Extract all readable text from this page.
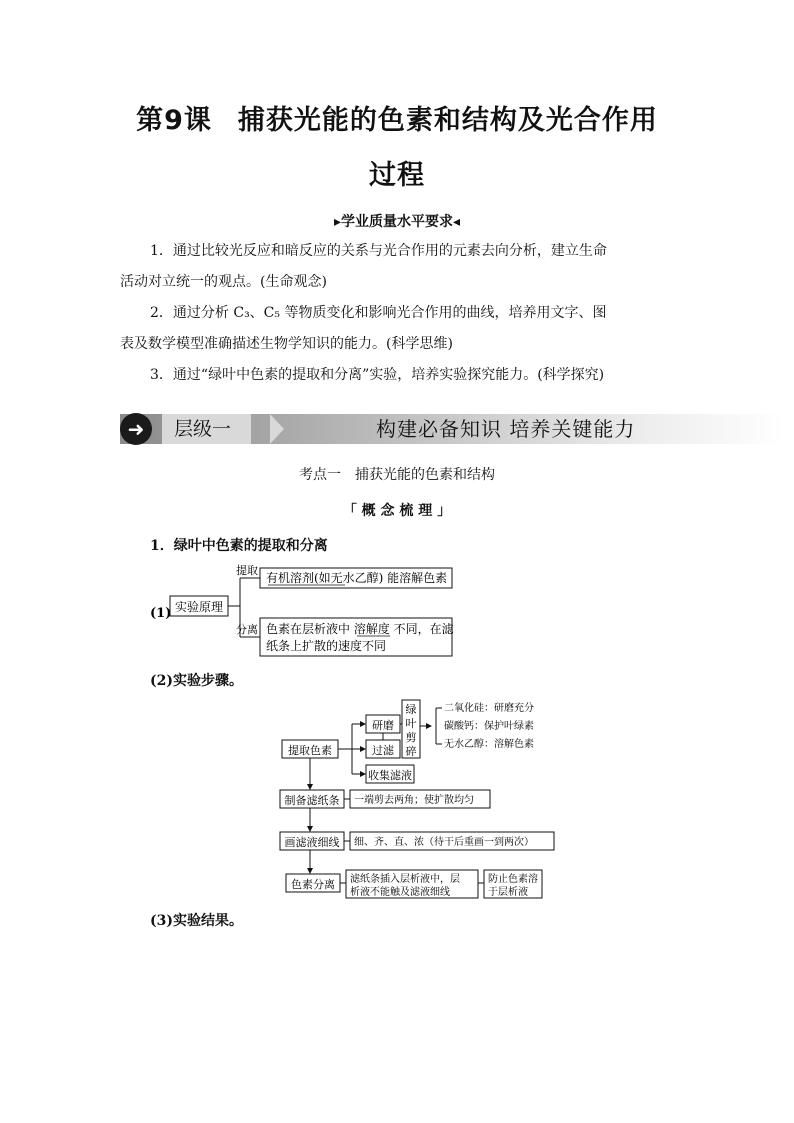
第9课 捕获光能的色素和结构及光合作用
过程
▸学业质量水平要求◂
1．通过比较光反应和暗反应的关系与光合作用的元素去向分析，建立生命
活动对立统一的观点。(生命观念)
2．通过分析 C₃、C₅ 等物质变化和影响光合作用的曲线，培养用文字、图
表及数学模型准确描述生物学知识的能力。(科学思维)
3．通过“绿叶中色素的提取和分离”实验，培养实验探究能力。(科学探究)
层级一
➜	构建必备知识 培养关键能力
考点一　捕获光能的色素和结构
「 概 念 梳 理 」
1．绿叶中色素的提取和分离
(1) 实验原理
提取
分离
有机溶剂(如无水乙醇) 能溶解色素
色素在层析液中 溶解度 不同，在滤
纸条上扩散的速度不同
(2)实验步骤。
提取色素
制备滤纸条
画滤液细线
色素分离
研磨
过滤
收集滤液
绿
叶
剪
碎
二氧化硅：研磨充分
碳酸钙：保护叶绿素
无水乙醇：溶解色素
一端剪去两角；使扩散均匀
细、齐、直、浓（待干后重画一到两次）
滤纸条插入层析液中，层
析液不能触及滤液细线
防止色素溶
于层析液
(3)实验结果。
